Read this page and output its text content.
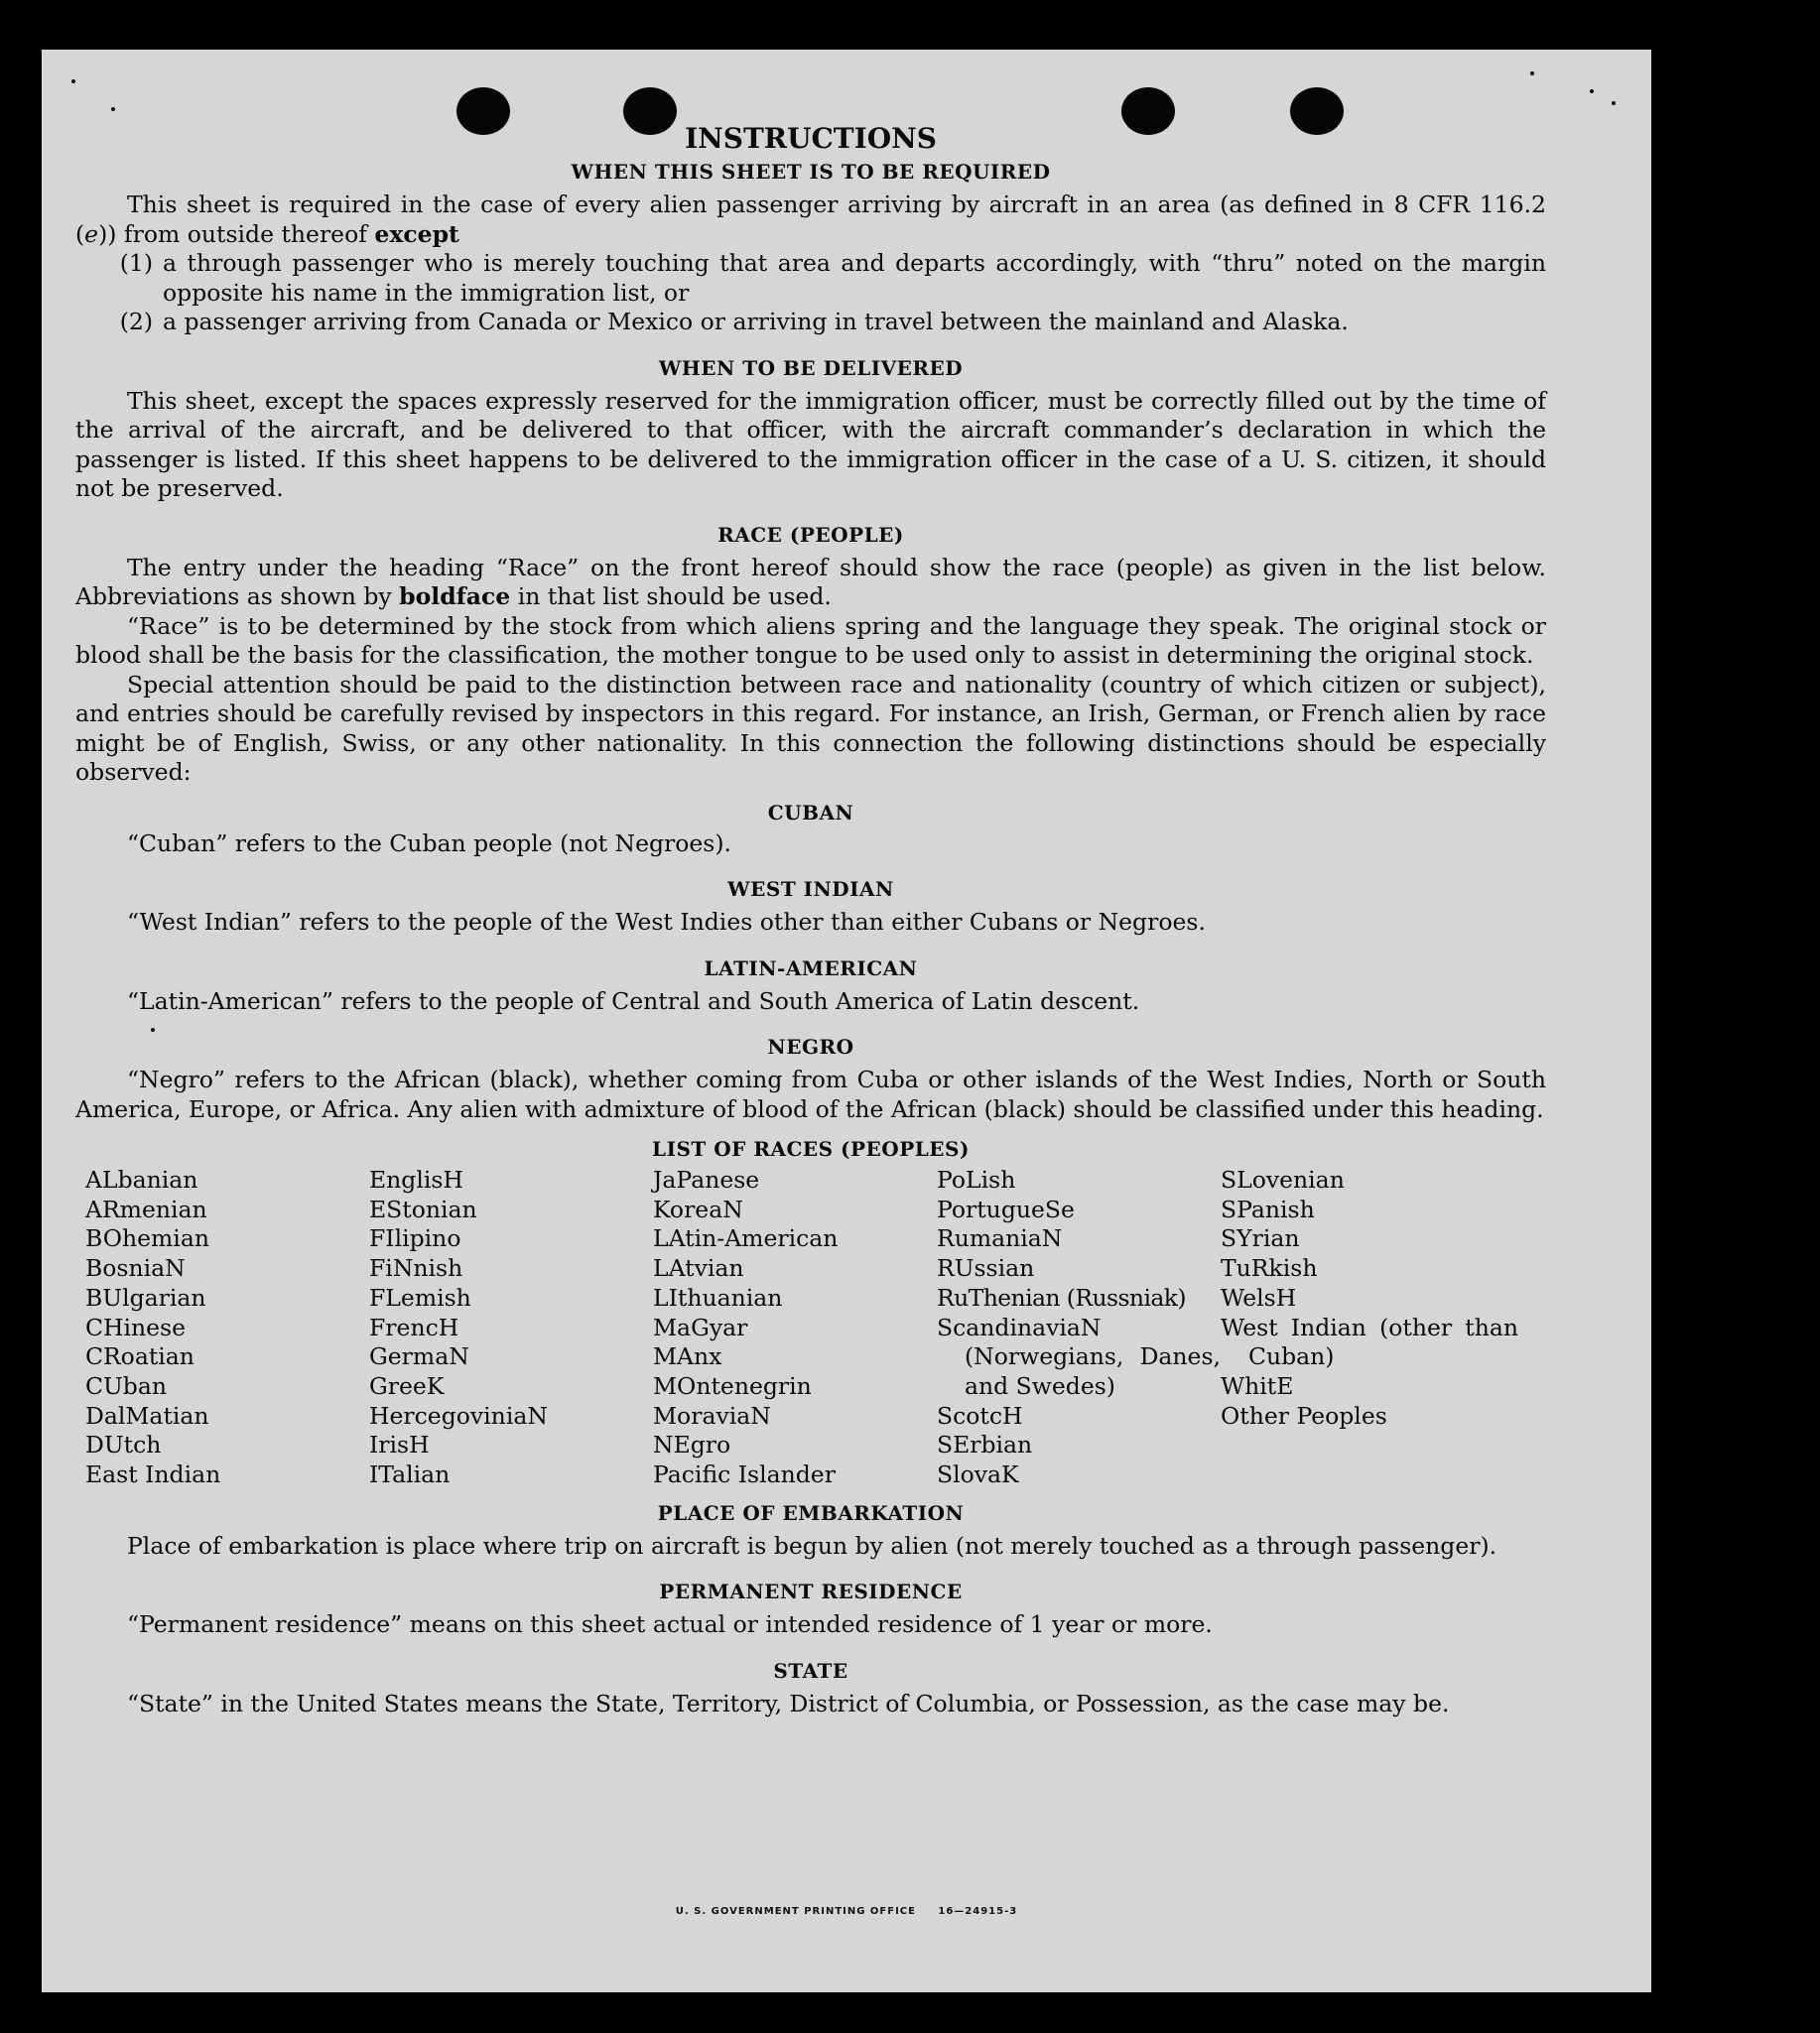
INSTRUCTIONS
WHEN THIS SHEET IS TO BE REQUIRED

This sheet is required in the case of every alien passenger arriving by aircraft in an area (as defined in 8 CFR 116.2 (e)) from outside thereof except

(1) a through passenger who is merely touching that area and departs accordingly, with “thru” noted on the margin opposite his name in the immigration list, or
(2) a passenger arriving from Canada or Mexico or arriving in travel between the mainland and Alaska.
WHEN TO BE DELIVERED

This sheet, except the spaces expressly reserved for the immigration officer, must be correctly filled out by the time of the arrival of the aircraft, and be delivered to that officer, with the aircraft commander’s declaration in which the passenger is listed. If this sheet happens to be delivered to the immigration officer in the case of a U. S. citizen, it should not be preserved.

RACE (PEOPLE)

The entry under the heading “Race” on the front hereof should show the race (people) as given in the list below. Abbreviations as shown by boldface in that list should be used.

“Race” is to be determined by the stock from which aliens spring and the language they speak. The original stock or blood shall be the basis for the classification, the mother tongue to be used only to assist in determining the original stock.

Special attention should be paid to the distinction between race and nationality (country of which citizen or subject), and entries should be carefully revised by inspectors in this regard. For instance, an Irish, German, or French alien by race might be of English, Swiss, or any other nationality. In this connection the following distinctions should be especially observed:

CUBAN

“Cuban” refers to the Cuban people (not Negroes).

WEST INDIAN

“West Indian” refers to the people of the West Indies other than either Cubans or Negroes.

LATIN-AMERICAN

“Latin-American” refers to the people of Central and South America of Latin descent.

NEGRO

“Negro” refers to the African (black), whether coming from Cuba or other islands of the West Indies, North or South America, Europe, or Africa. Any alien with admixture of blood of the African (black) should be classified under this heading.

LIST OF RACES (PEOPLES)
ALbanian
ARmenian
BOhemian
BosniaN
BUlgarian
CHinese
CRoatian
CUban
DalMatian
DUtch
East Indian
EnglisH
EStonian
FIlipino
FiNnish
FLemish
FrencH
GermaN
GreeK
HercegoviniaN
IrisH
ITalian
JaPanese
KoreaN
LAtin-American
LAtvian
LIthuanian
MaGyar
MAnx
MOntenegrin
MoraviaN
NEgro
Pacific Islander
PoLish
PortugueSe
RumaniaN
RUssian
RuThenian (Russniak)
ScandinaviaN (Norwegians, Danes, and Swedes)
ScotcH
SErbian
SlovaK
SLovenian
SPanish
SYrian
TuRkish
WelsH
West Indian (other than Cuban)
WhitE
Other Peoples
PLACE OF EMBARKATION

Place of embarkation is place where trip on aircraft is begun by alien (not merely touched as a through passenger).

PERMANENT RESIDENCE

“Permanent residence” means on this sheet actual or intended residence of 1 year or more.

STATE

“State” in the United States means the State, Territory, District of Columbia, or Possession, as the case may be.

U. S. GOVERNMENT PRINTING OFFICE     16—24915-3
